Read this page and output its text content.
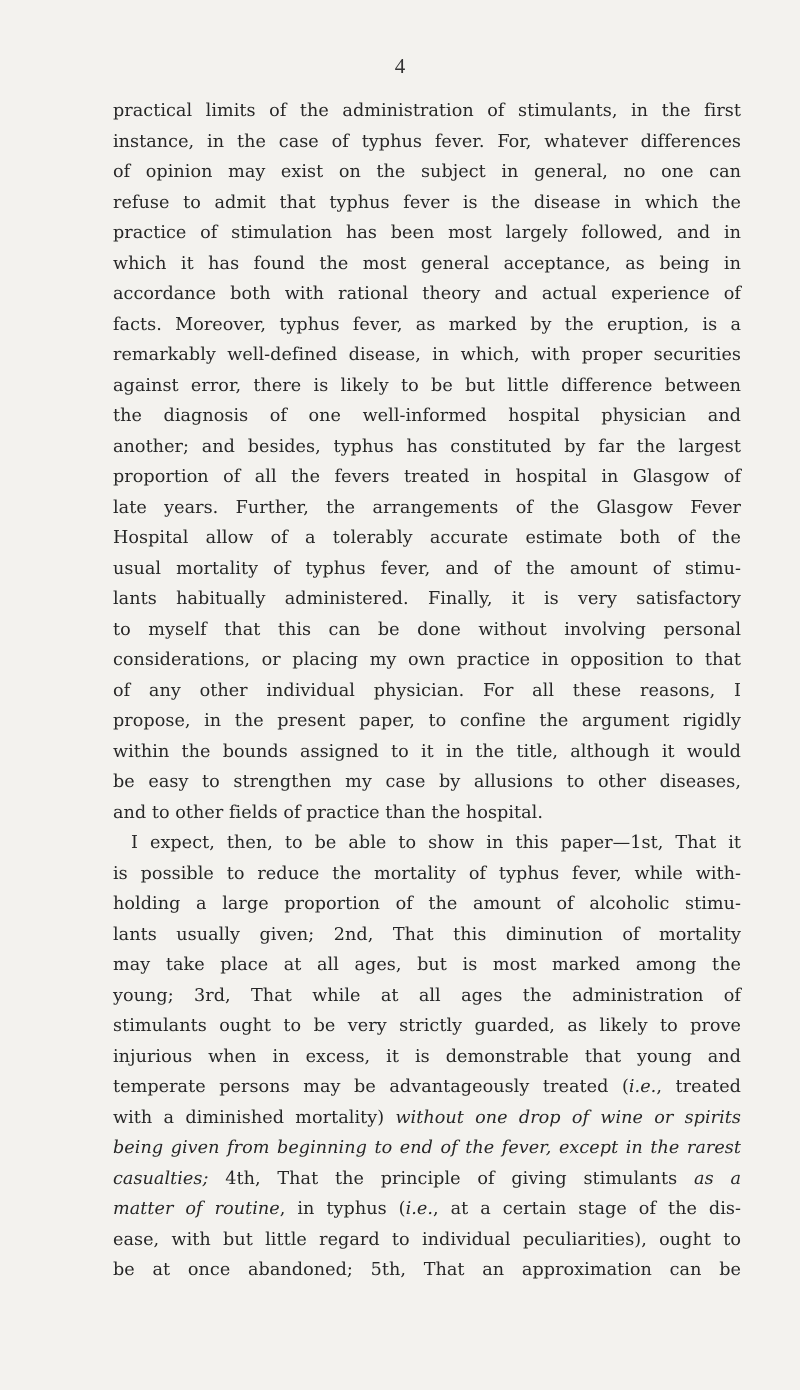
4
practical limits of the administration of stimulants, in the first
instance, in the case of typhus fever. For, whatever differences
of opinion may exist on the subject in general, no one can
refuse to admit that typhus fever is the disease in which the
practice of stimulation has been most largely followed, and in
which it has found the most general acceptance, as being in
accordance both with rational theory and actual experience of
facts. Moreover, typhus fever, as marked by the eruption, is a
remarkably well-defined disease, in which, with proper securities
against error, there is likely to be but little difference between
the diagnosis of one well-informed hospital physician and
another; and besides, typhus has constituted by far the largest
proportion of all the fevers treated in hospital in Glasgow of
late years. Further, the arrangements of the Glasgow Fever
Hospital allow of a tolerably accurate estimate both of the
usual mortality of typhus fever, and of the amount of stimu-
lants habitually administered. Finally, it is very satisfactory
to myself that this can be done without involving personal
considerations, or placing my own practice in opposition to that
of any other individual physician. For all these reasons, I
propose, in the present paper, to confine the argument rigidly
within the bounds assigned to it in the title, although it would
be easy to strengthen my case by allusions to other diseases,
and to other fields of practice than the hospital.
I expect, then, to be able to show in this paper—1st, That it
is possible to reduce the mortality of typhus fever, while with-
holding a large proportion of the amount of alcoholic stimu-
lants usually given; 2nd, That this diminution of mortality
may take place at all ages, but is most marked among the
young; 3rd, That while at all ages the administration of
stimulants ought to be very strictly guarded, as likely to prove
injurious when in excess, it is demonstrable that young and
temperate persons may be advantageously treated (i.e., treated
with a diminished mortality) without one drop of wine or spirits
being given from beginning to end of the fever, except in the rarest
casualties; 4th, That the principle of giving stimulants as a
matter of routine, in typhus (i.e., at a certain stage of the dis-
ease, with but little regard to individual peculiarities), ought to
be at once abandoned; 5th, That an approximation can be
